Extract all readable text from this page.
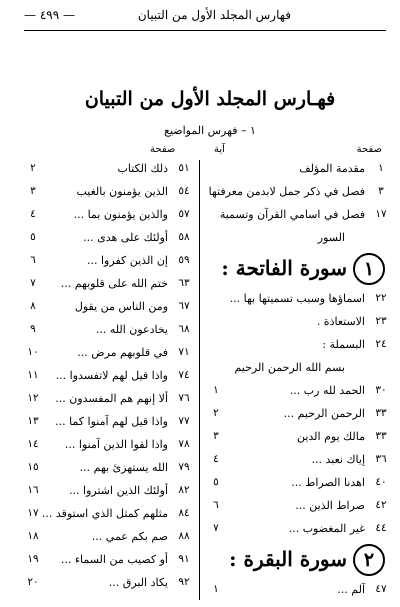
فهارس المجلد الأول من التبيان
— ٤٩٩ —
فهـارس المجلد الأول من التبيان
١ – فهرس المواضيع
صفحة
آية
صفحة
١
مقدمة المؤلف
٣
فصل في ذكر جمل لابدمن معرفتها
١٧
فصل في اسامي القرآن وتسمية
السور
١سورة الفاتحة :
٢٢
اسماؤها وسبب تسميتها بها ...
٢٣
الاستعاذة .
٢٤
البسملة :
بسم الله الرحمن الرحيم
٣٠
الحمد لله رب ...
١
٣٣
الرحمن الرحيم ...
٢
٣٣
مالك يوم الدين
٣
٣٦
إياك نعبد ...
٤
٤٠
اهدنا الصراط ...
٥
٤٢
صراط الذين ...
٦
٤٤
غير المغضوب ...
٧
٢سورة البقرة :
٤٧
آلم ...
١
٥١
ذلك الكتاب
٢
٥٤
الذين يؤمنون بالغيب
٣
٥٧
والذين يؤمنون بما ...
٤
٥٨
أولئك على هدى ...
٥
٥٩
إن الذين كفروا ...
٦
٦٣
ختم الله على قلوبهم ...
٧
٦٧
ومن الناس من يقول
٨
٦٨
يخادعون الله ...
٩
٧١
في قلوبهم مرض ...
١٠
٧٤
واذا قيل لهم لاتفسدوا ...
١١
٧٦
ألا إنهم هم المفسدون ...
١٢
٧٧
واذا قيل لهم آمنوا كما ...
١٣
٧٨
واذا لقوا الذين آمنوا ...
١٤
٧٩
الله يستهزئ بهم ...
١٥
٨٢
أولئك الذين اشتروا ...
١٦
٨٤
مثلهم كمثل الذي استوقد ...
١٧
٨٨
صم بكم عمي ...
١٨
٩١
أو كصيب من السماء ...
١٩
٩٢
يكاد البرق ...
٢٠
